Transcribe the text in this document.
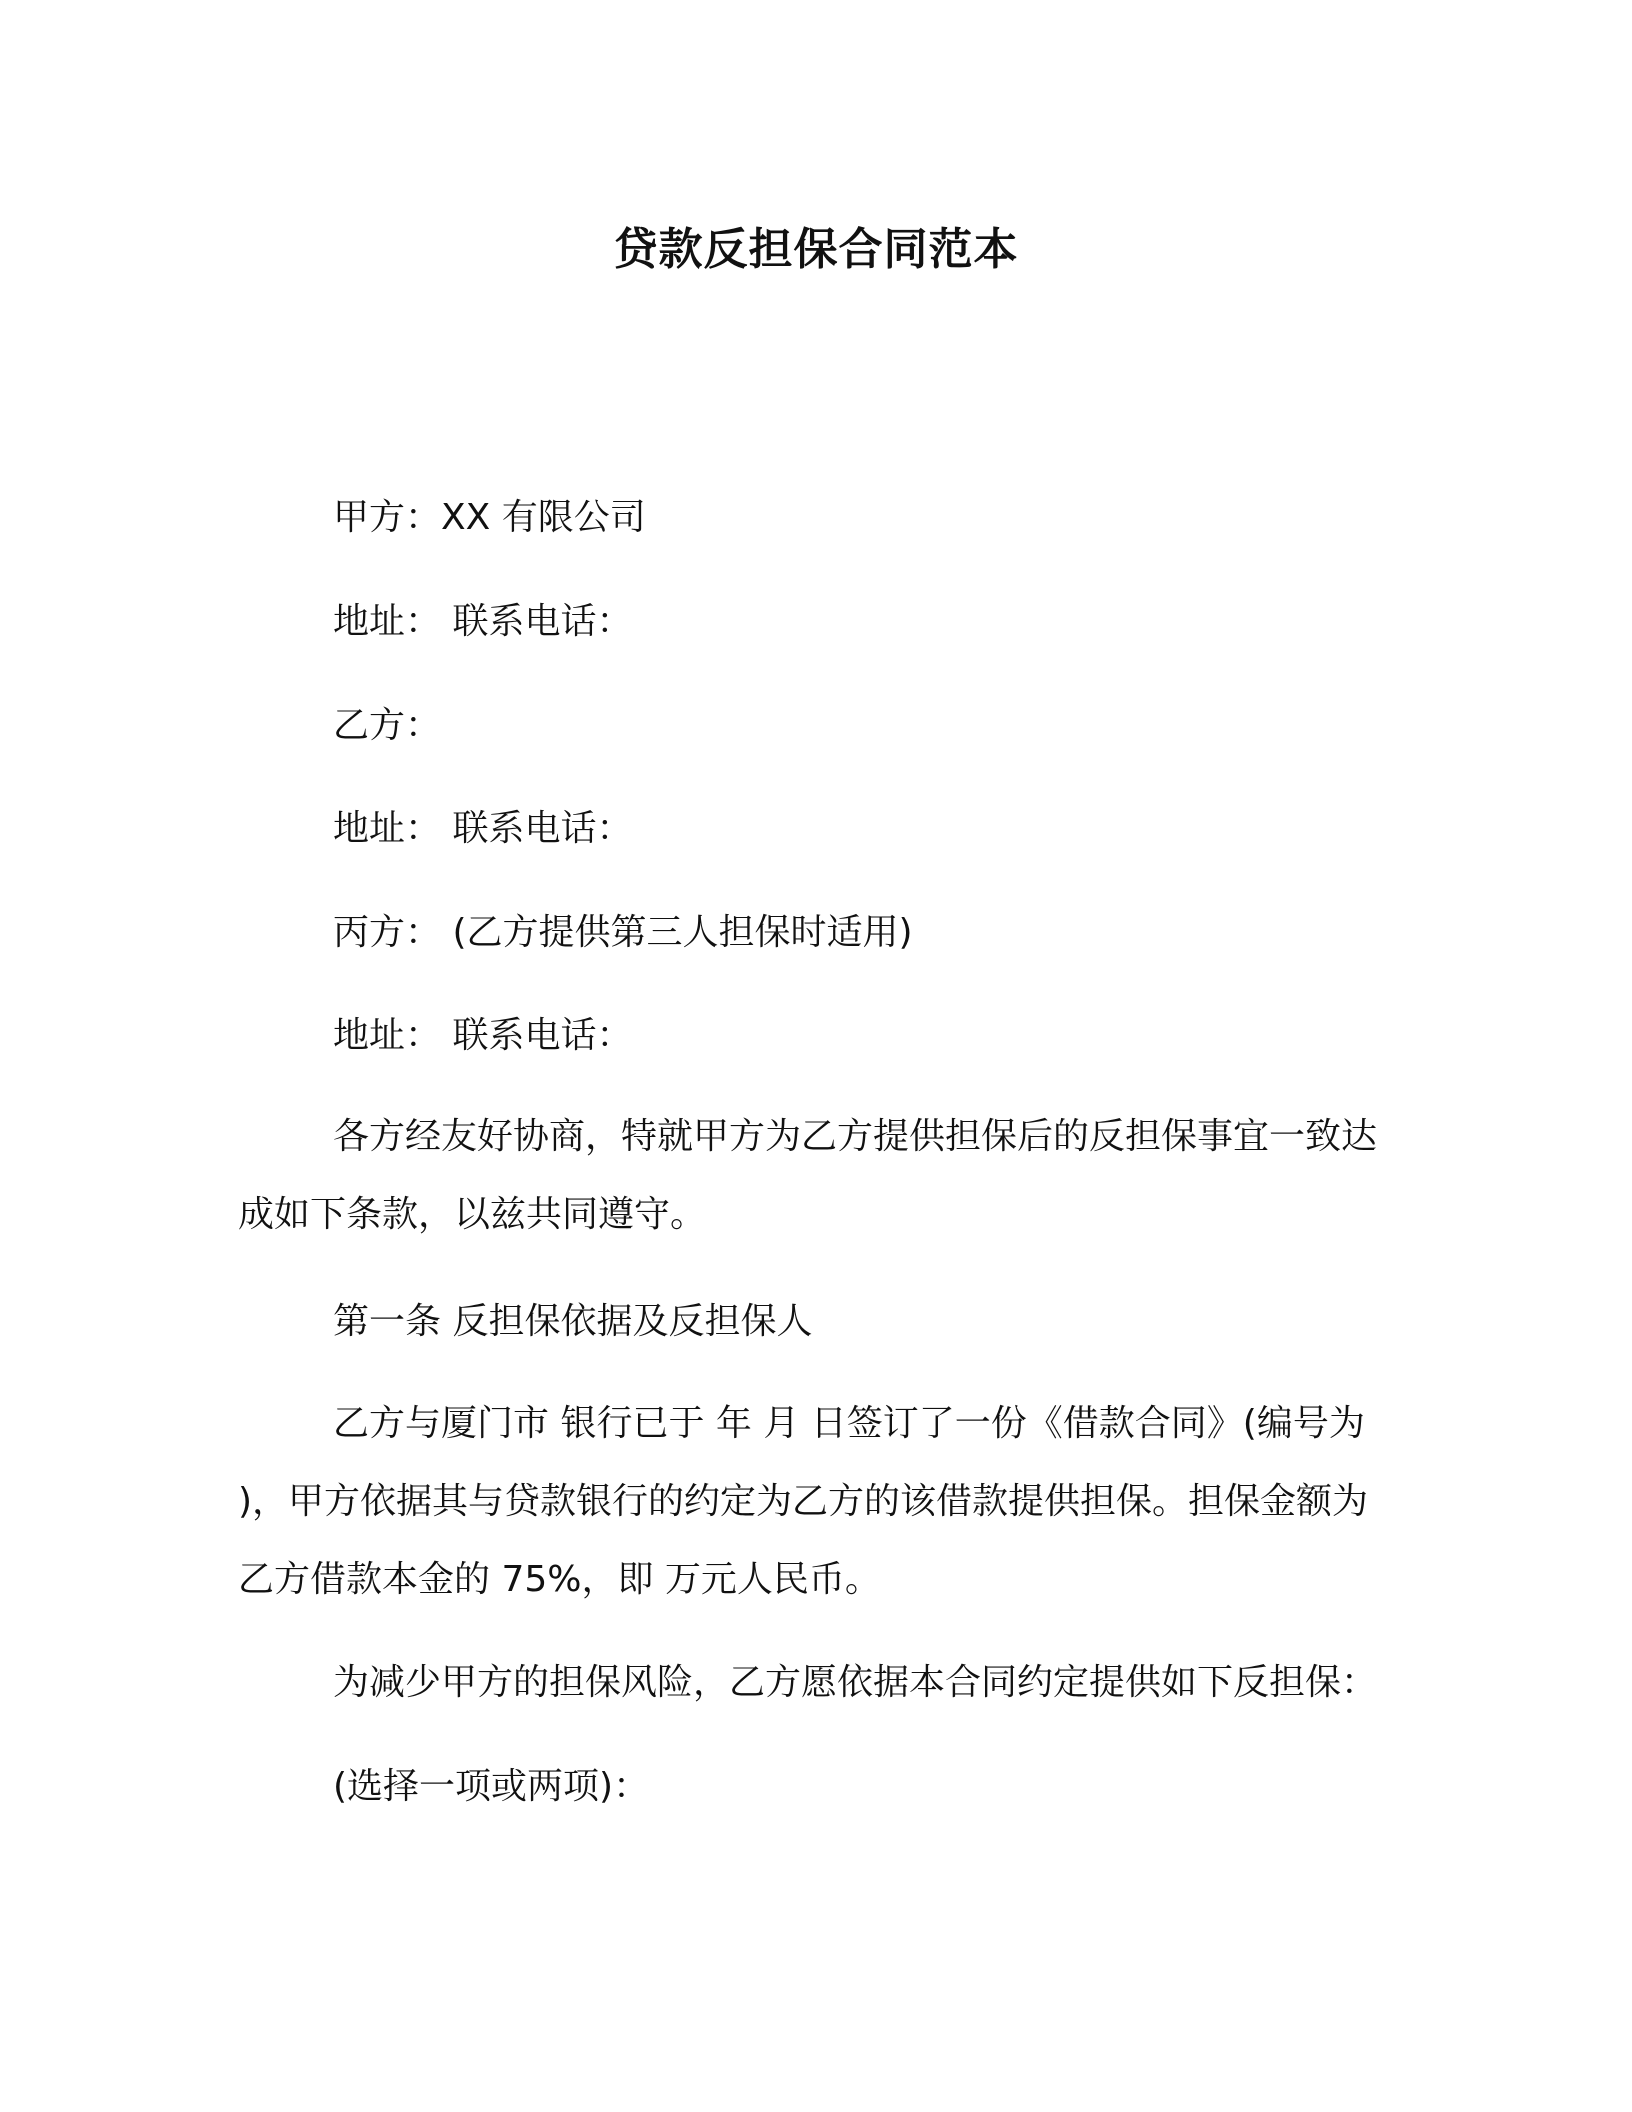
贷款反担保合同范本
甲方：XX 有限公司
地址： 联系电话：
乙方：
地址： 联系电话：
丙方： (乙方提供第三人担保时适用)
地址： 联系电话：

各方经友好协商，特就甲方为乙方提供担保后的反担保事宜一致达成如下条款，以兹共同遵守。

第一条 反担保依据及反担保人

乙方与厦门市 银行已于 年 月 日签订了一份《借款合同》(编号为 )，甲方依据其与贷款银行的约定为乙方的该借款提供担保。担保金额为乙方借款本金的 75%，即 万元人民币。

为减少甲方的担保风险，乙方愿依据本合同约定提供如下反担保：
(选择一项或两项)：
